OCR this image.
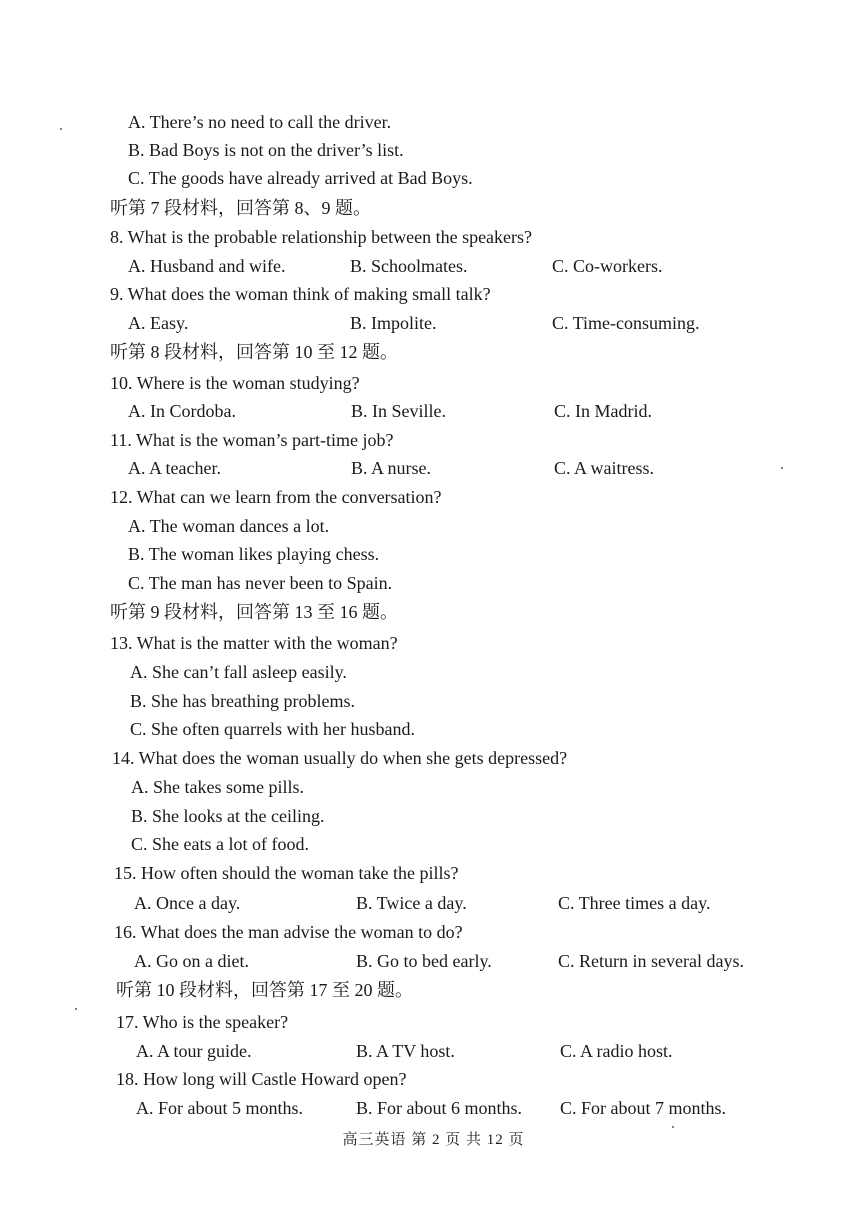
A. There’s no need to call the driver.
B. Bad Boys is not on the driver’s list.
C. The goods have already arrived at Bad Boys.
听第 7 段材料，回答第 8、9 题。
8. What is the probable relationship between the speakers?
A. Husband and wife.	B. Schoolmates.	C. Co-workers.
9. What does the woman think of making small talk?
A. Easy.	B. Impolite.	C. Time-consuming.
听第 8 段材料，回答第 10 至 12 题。
10. Where is the woman studying?
A. In Cordoba.	B. In Seville.	C. In Madrid.
11. What is the woman’s part-time job?
A. A teacher.	B. A nurse.	C. A waitress.
12. What can we learn from the conversation?
A. The woman dances a lot.
B. The woman likes playing chess.
C. The man has never been to Spain.
听第 9 段材料，回答第 13 至 16 题。
13. What is the matter with the woman?
A. She can’t fall asleep easily.
B. She has breathing problems.
C. She often quarrels with her husband.
14. What does the woman usually do when she gets depressed?
A. She takes some pills.
B. She looks at the ceiling.
C. She eats a lot of food.
15. How often should the woman take the pills?
A. Once a day.	B. Twice a day.	C. Three times a day.
16. What does the man advise the woman to do?
A. Go on a diet.	B. Go to bed early.	C. Return in several days.
听第 10 段材料，回答第 17 至 20 题。
17. Who is the speaker?
A. A tour guide.	B. A TV host.	C. A radio host.
18. How long will Castle Howard open?
A. For about 5 months.	B. For about 6 months. C. For about 7 months.
高三英语 第 2 页 共 12 页
